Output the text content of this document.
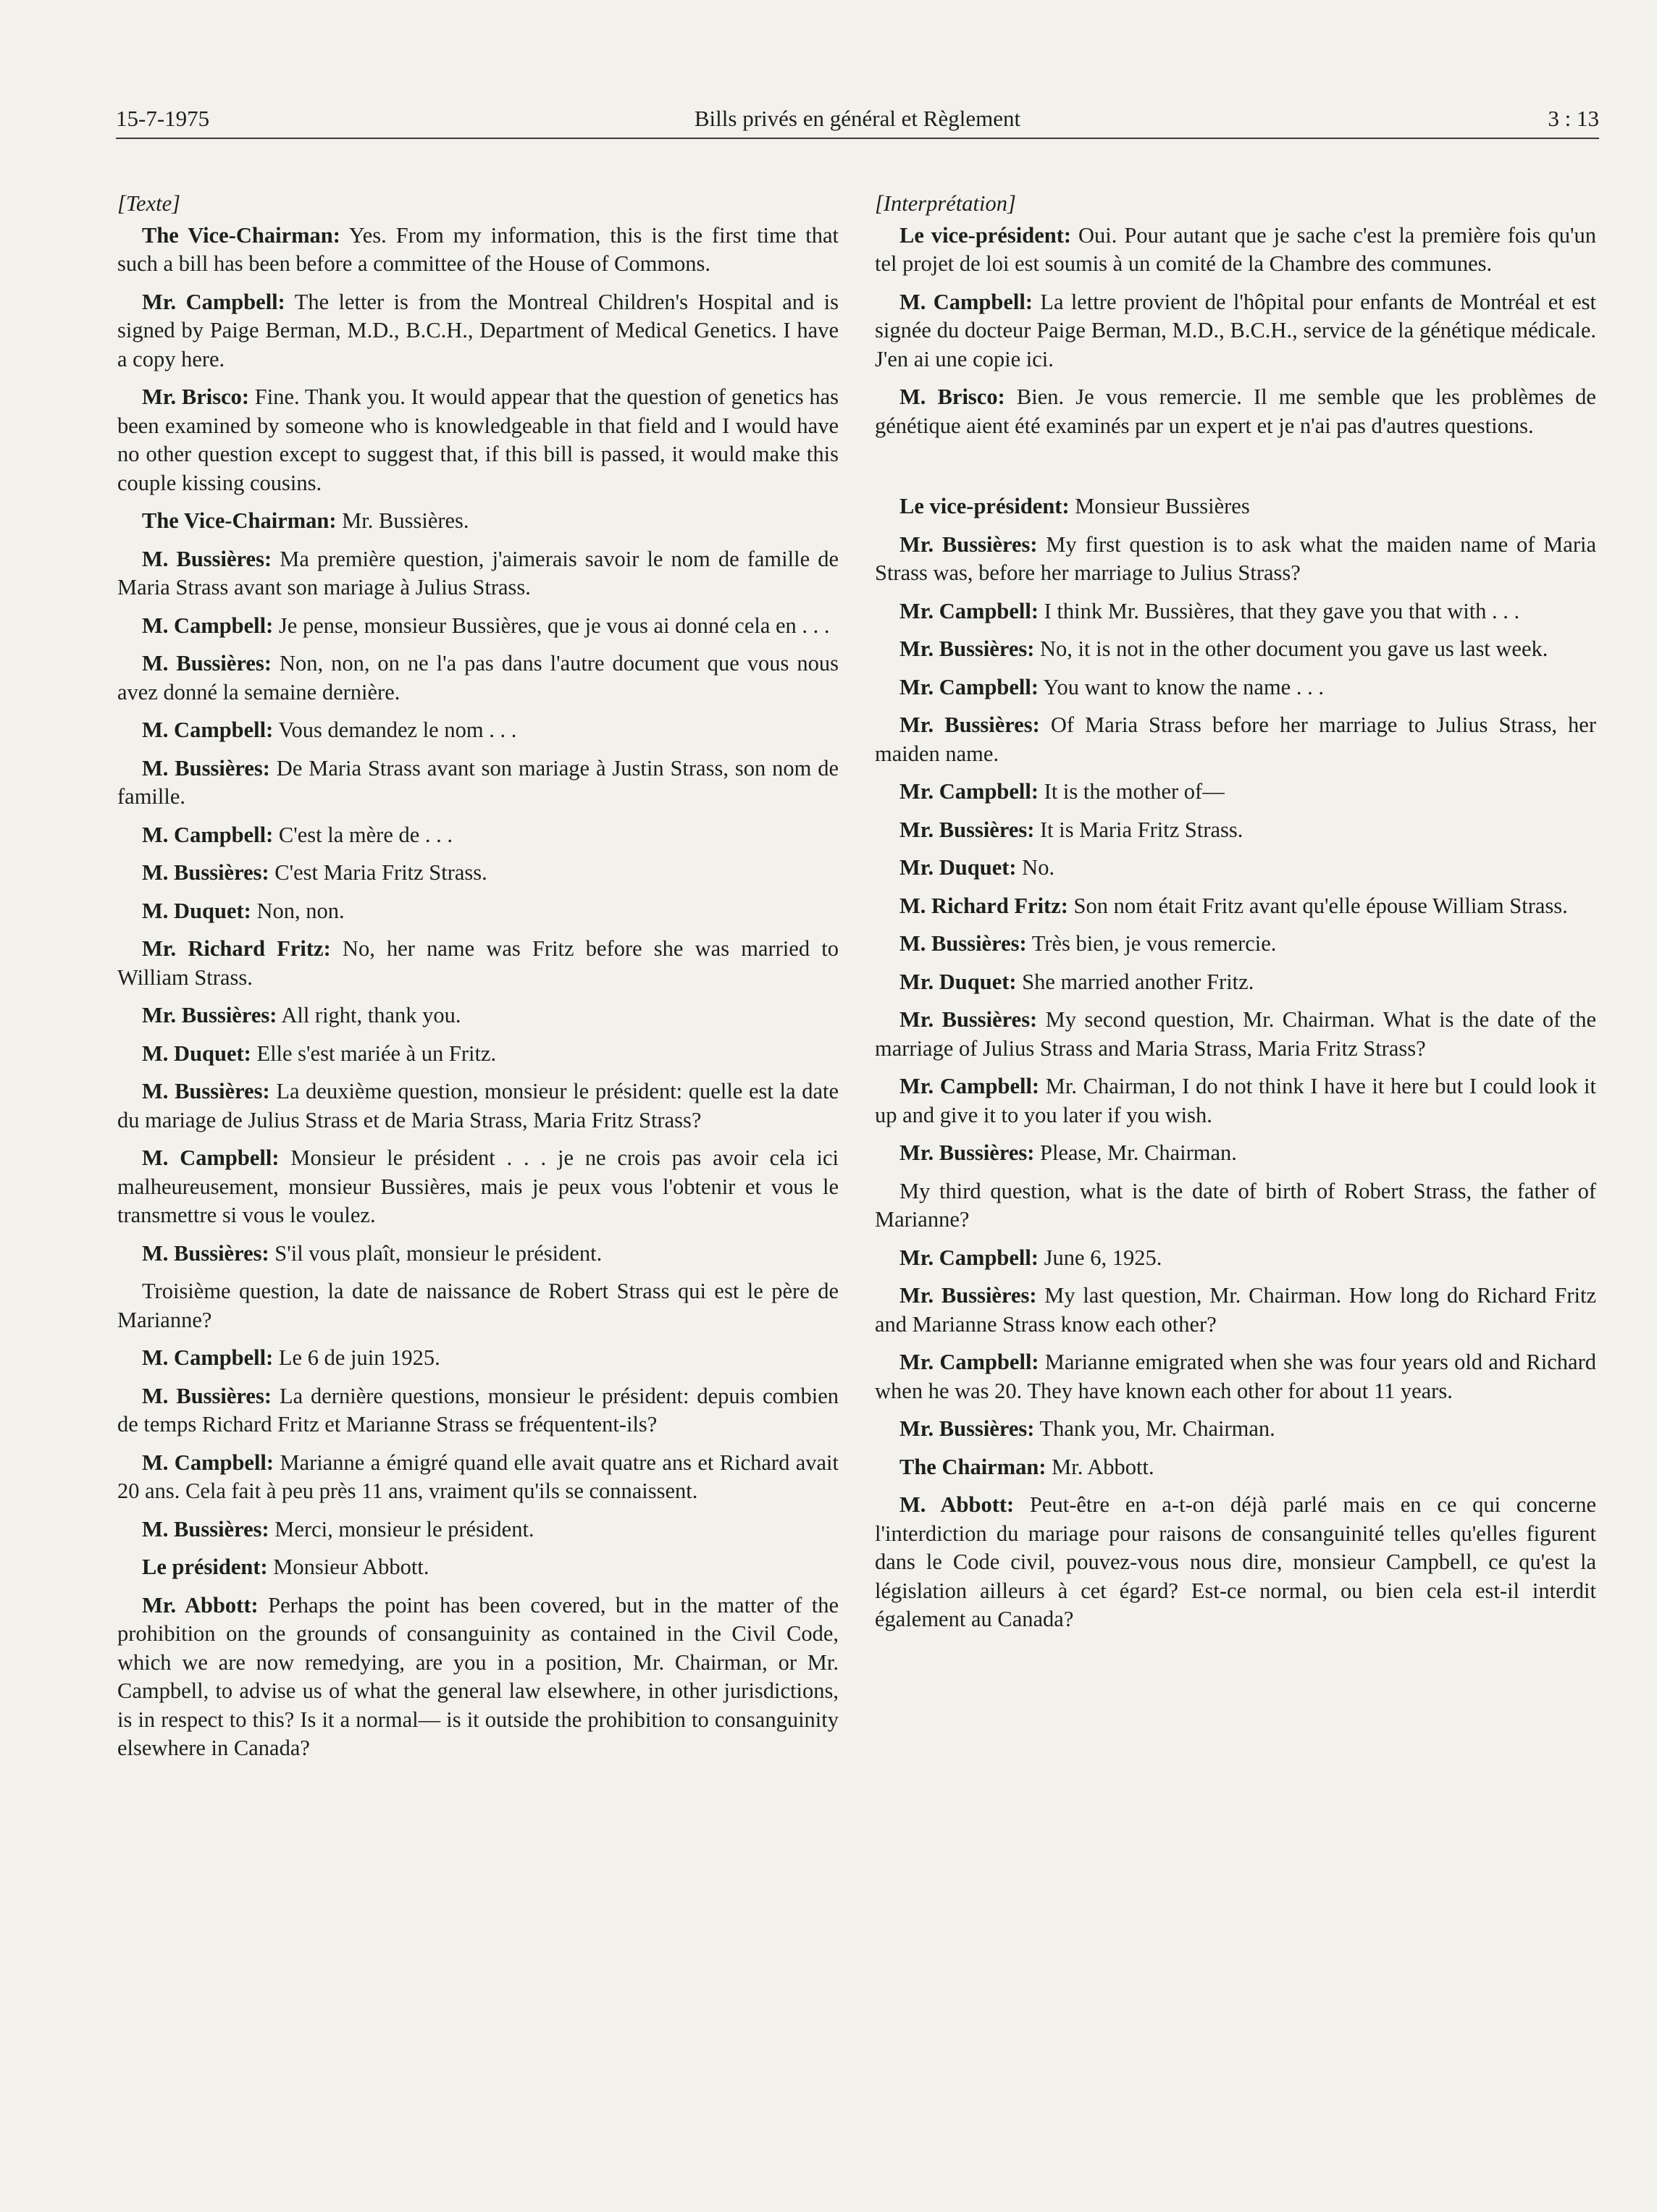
15-7-1975	Bills privés en général et Règlement	3 : 13

[Texte]

The Vice-Chairman: Yes. From my information, this is the first time that such a bill has been before a committee of the House of Commons.

Mr. Campbell: The letter is from the Montreal Children's Hospital and is signed by Paige Berman, M.D., B.C.H., Department of Medical Genetics. I have a copy here.

Mr. Brisco: Fine. Thank you. It would appear that the question of genetics has been examined by someone who is knowledgeable in that field and I would have no other question except to suggest that, if this bill is passed, it would make this couple kissing cousins.

The Vice-Chairman: Mr. Bussières.

M. Bussières: Ma première question, j'aimerais savoir le nom de famille de Maria Strass avant son mariage à Julius Strass.

M. Campbell: Je pense, monsieur Bussières, que je vous ai donné cela en . . .

M. Bussières: Non, non, on ne l'a pas dans l'autre document que vous nous avez donné la semaine dernière.

M. Campbell: Vous demandez le nom . . .

M. Bussières: De Maria Strass avant son mariage à Justin Strass, son nom de famille.

M. Campbell: C'est la mère de . . .

M. Bussières: C'est Maria Fritz Strass.

M. Duquet: Non, non.

Mr. Richard Fritz: No, her name was Fritz before she was married to William Strass.

Mr. Bussières: All right, thank you.

M. Duquet: Elle s'est mariée à un Fritz.

M. Bussières: La deuxième question, monsieur le président: quelle est la date du mariage de Julius Strass et de Maria Strass, Maria Fritz Strass?

M. Campbell: Monsieur le président . . . je ne crois pas avoir cela ici malheureusement, monsieur Bussières, mais je peux vous l'obtenir et vous le transmettre si vous le voulez.

M. Bussières: S'il vous plaît, monsieur le président.

Troisième question, la date de naissance de Robert Strass qui est le père de Marianne?

M. Campbell: Le 6 de juin 1925.

M. Bussières: La dernière questions, monsieur le président: depuis combien de temps Richard Fritz et Marianne Strass se fréquentent-ils?

M. Campbell: Marianne a émigré quand elle avait quatre ans et Richard avait 20 ans. Cela fait à peu près 11 ans, vraiment qu'ils se connaissent.

M. Bussières: Merci, monsieur le président.

Le président: Monsieur Abbott.

Mr. Abbott: Perhaps the point has been covered, but in the matter of the prohibition on the grounds of consanguinity as contained in the Civil Code, which we are now remedying, are you in a position, Mr. Chairman, or Mr. Campbell, to advise us of what the general law elsewhere, in other jurisdictions, is in respect to this? Is it a normal— is it outside the prohibition to consanguinity elsewhere in Canada?

[Interprétation]

Le vice-président: Oui. Pour autant que je sache c'est la première fois qu'un tel projet de loi est soumis à un comité de la Chambre des communes.

M. Campbell: La lettre provient de l'hôpital pour enfants de Montréal et est signée du docteur Paige Berman, M.D., B.C.H., service de la génétique médicale. J'en ai une copie ici.

M. Brisco: Bien. Je vous remercie. Il me semble que les problèmes de génétique aient été examinés par un expert et je n'ai pas d'autres questions.

Le vice-président: Monsieur Bussières

Mr. Bussières: My first question is to ask what the maiden name of Maria Strass was, before her marriage to Julius Strass?

Mr. Campbell: I think Mr. Bussières, that they gave you that with . . .

Mr. Bussières: No, it is not in the other document you gave us last week.

Mr. Campbell: You want to know the name . . .

Mr. Bussières: Of Maria Strass before her marriage to Julius Strass, her maiden name.

Mr. Campbell: It is the mother of—

Mr. Bussières: It is Maria Fritz Strass.

Mr. Duquet: No.

M. Richard Fritz: Son nom était Fritz avant qu'elle épouse William Strass.

M. Bussières: Très bien, je vous remercie.

Mr. Duquet: She married another Fritz.

Mr. Bussières: My second question, Mr. Chairman. What is the date of the marriage of Julius Strass and Maria Strass, Maria Fritz Strass?

Mr. Campbell: Mr. Chairman, I do not think I have it here but I could look it up and give it to you later if you wish.

Mr. Bussières: Please, Mr. Chairman.

My third question, what is the date of birth of Robert Strass, the father of Marianne?

Mr. Campbell: June 6, 1925.

Mr. Bussières: My last question, Mr. Chairman. How long do Richard Fritz and Marianne Strass know each other?

Mr. Campbell: Marianne emigrated when she was four years old and Richard when he was 20. They have known each other for about 11 years.

Mr. Bussières: Thank you, Mr. Chairman.

The Chairman: Mr. Abbott.

M. Abbott: Peut-être en a-t-on déjà parlé mais en ce qui concerne l'interdiction du mariage pour raisons de consanguinité telles qu'elles figurent dans le Code civil, pouvez-vous nous dire, monsieur Campbell, ce qu'est la législation ailleurs à cet égard? Est-ce normal, ou bien cela est-il interdit également au Canada?
